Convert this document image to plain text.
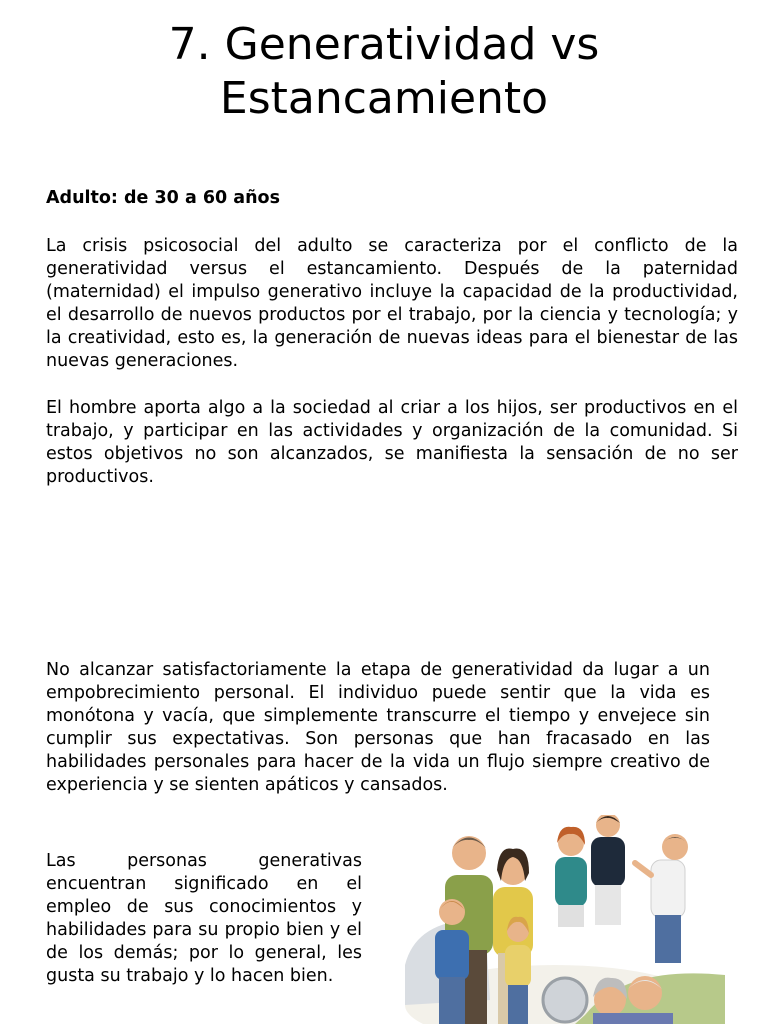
7. Generatividad vs
Estancamiento

Adulto: de 30 a 60 años

La crisis psicosocial del adulto se caracteriza por el conflicto de la generatividad versus el estancamiento. Después de la paternidad (maternidad) el impulso generativo incluye la capacidad de la productividad, el desarrollo de nuevos productos por el trabajo, por la ciencia y tecnología; y la creatividad, esto es, la generación de nuevas ideas para el bienestar de las nuevas generaciones.

El hombre aporta algo a la sociedad al criar a los hijos, ser productivos en el trabajo, y participar en las actividades y organización de la comunidad. Si estos objetivos no son alcanzados, se manifiesta la sensación de no ser productivos.

No alcanzar satisfactoriamente la etapa de generatividad da lugar a un empobrecimiento personal. El individuo puede sentir que la vida es monótona y vacía, que simplemente transcurre el tiempo y envejece sin cumplir sus expectativas. Son personas que han fracasado en las habilidades personales para hacer de la vida un flujo siempre creativo de experiencia y se sienten apáticos y cansados.

Las personas generativas encuentran significado en el empleo de sus conocimientos y habilidades para su propio bien y el de los demás; por lo general, les gusta su trabajo y lo hacen bien.
